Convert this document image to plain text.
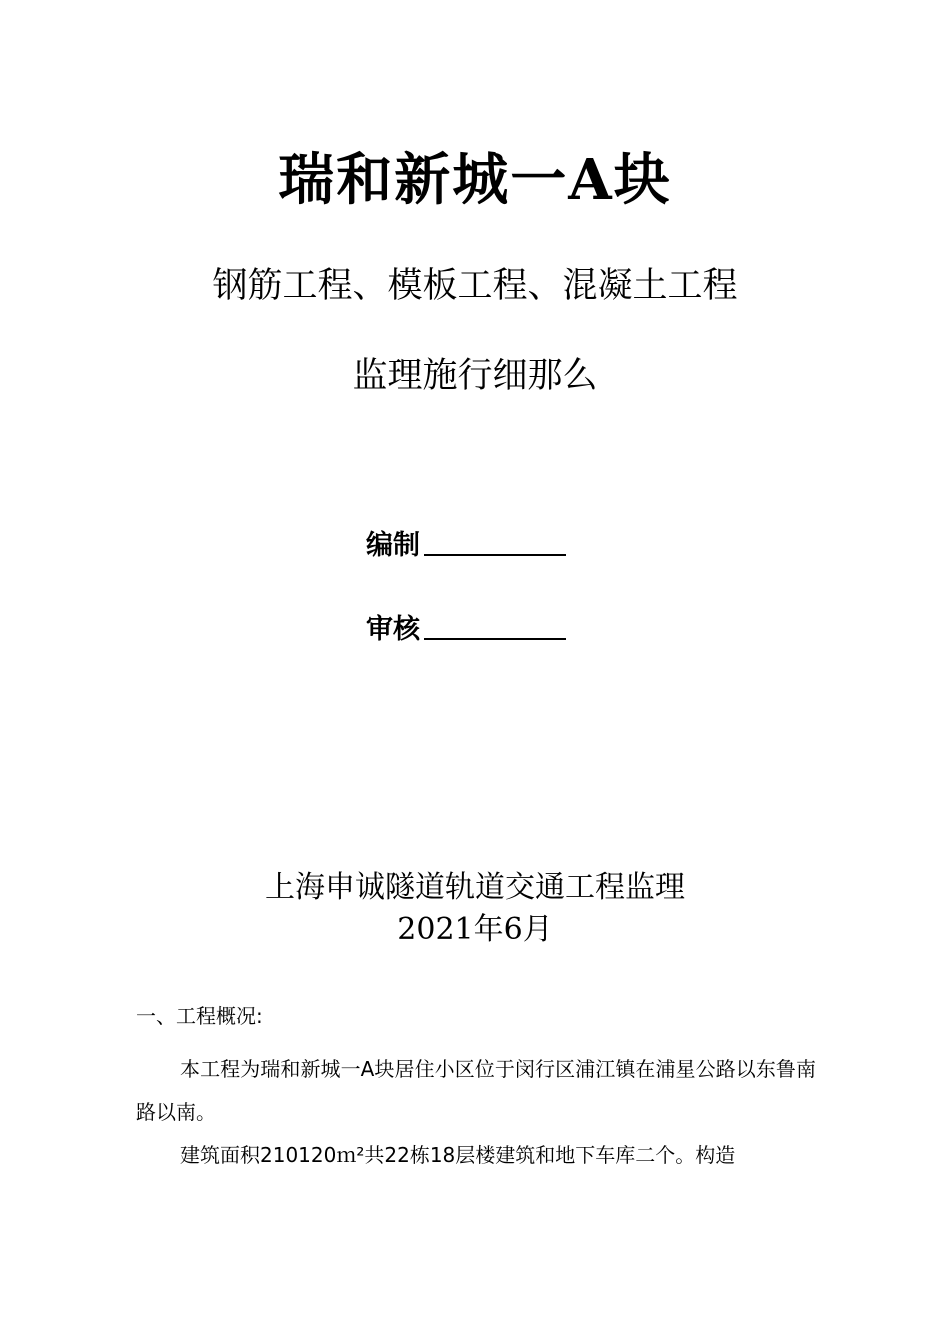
瑞和新城一A块
钢筋工程、模板工程、混凝土工程
监理施行细那么
编制
审核
上海申诚隧道轨道交通工程监理
2021年6月
一、工程概况:
本工程为瑞和新城一A块居住小区位于闵行区浦江镇在浦星公路以东鲁南路以南。
建筑面积210120ｍ²共22栋18层楼建筑和地下车库二个。构造
